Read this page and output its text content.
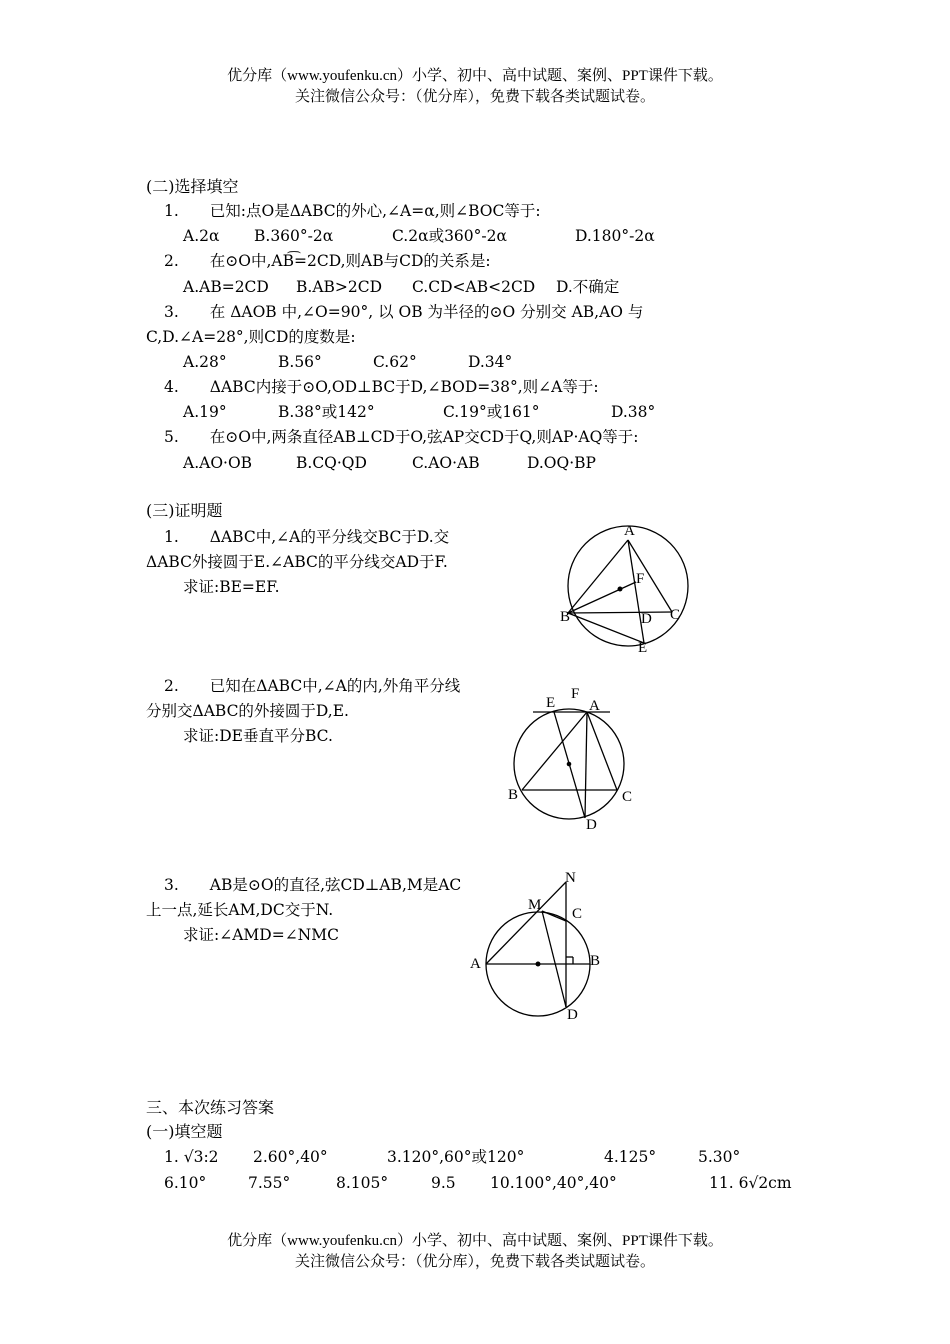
优分库（www.youfenku.cn）小学、初中、高中试题、案例、PPT课件下载。
关注微信公众号：（优分库），免费下载各类试题试卷。
(二)选择填空
1.　　已知:点O是ΔABC的外心,∠A=α,则∠BOC等于:
A.2α B.360°-2α	C.2α或360°-2α	D.180°-2α
2.　　在⊙O中,AB͡=2CD,则AB与CD的关系是:
A.AB=2CD B.AB>2CD C.CD<AB<2CD D.不确定
3.　　在 ΔAOB 中,∠O=90°, 以 OB 为半径的⊙O 分别交 AB,AO 与
C,D.∠A=28°,则CD的度数是:
A.28°	B.56°	C.62°	D.34°
4.　　ΔABC内接于⊙O,OD⊥BC于D,∠BOD=38°,则∠A等于:
A.19°	B.38°或142°	C.19°或161°	D.38°
5.　　在⊙O中,两条直径AB⊥CD于O,弦AP交CD于Q,则AP·AQ等于:
A.AO·OB	B.CQ·QD	C.AO·AB	D.OQ·BP
(三)证明题
1.　　ΔABC中,∠A的平分线交BC于D.交
ΔABC外接圆于E.∠ABC的平分线交AD于F.
求证:BE=EF.
A
F
B	D C
E
2.　　已知在ΔABC中,∠A的内,外角平分线
分别交ΔABC的外接圆于D,E.
求证:DE垂直平分BC.
E
F
A
B	C
D
3.　　AB是⊙O的直径,弦CD⊥AB,M是AC
上一点,延长AM,DC交于N.
求证:∠AMD=∠NMC
N
M
C
A	B
D
三、本次练习答案
(一)填空题
1. √3:2 2.60°,40°	3.120°,60°或120°	4.125°	5.30°
6.10°	7.55°	8.105°	9.5 10.100°,40°,40°	11. 6√2cm
优分库（www.youfenku.cn）小学、初中、高中试题、案例、PPT课件下载。
关注微信公众号：（优分库），免费下载各类试题试卷。
